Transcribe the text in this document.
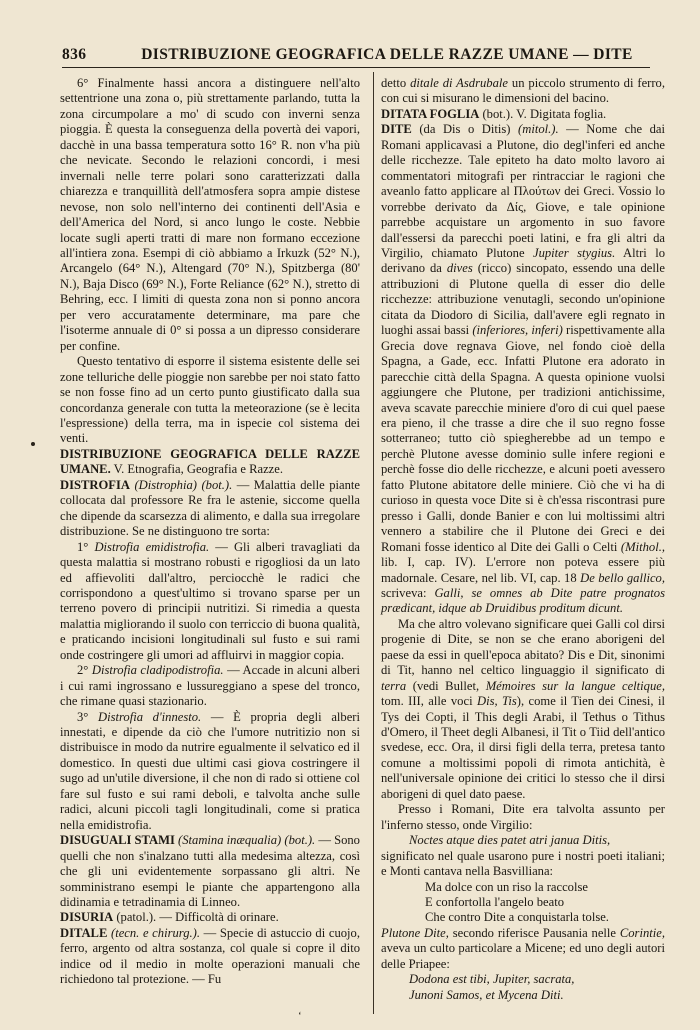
836	DISTRIBUZIONE GEOGRAFICA DELLE RAZZE UMANE — DITE

6° Finalmente hassi ancora a distinguere nell'alto settentrione una zona o, più strettamente parlando, tutta la zona circumpolare a mo' di scudo con inverni senza pioggia. È questa la conseguenza della povertà dei vapori, dacchè in una bassa temperatura sotto 16° R. non v'ha più che nevicate. Secondo le relazioni concordi, i mesi invernali nelle terre polari sono caratterizzati dalla chiarezza e tranquillità dell'atmosfera sopra ampie distese nevose, non solo nell'interno dei continenti dell'Asia e dell'America del Nord, si anco lungo le coste. Nebbie locate sugli aperti tratti di mare non formano eccezione all'intiera zona. Esempi di ciò abbiamo a Irkuzk (52° N.), Arcangelo (64° N.), Altengard (70° N.), Spitzberga (80' N.), Baja Disco (69° N.), Forte Reliance (62° N.), stretto di Behring, ecc. I limiti di questa zona non si ponno ancora per vero accuratamente determinare, ma pare che l'isoterme annuale di 0° si possa a un dipresso considerare per confine.

Questo tentativo di esporre il sistema esistente delle sei zone telluriche delle pioggie non sarebbe per noi stato fatto se non fosse fino ad un certo punto giustificato dalla sua concordanza generale con tutta la meteorazione (se è lecita l'espressione) della terra, ma in ispecie col sistema dei venti.

DISTRIBUZIONE GEOGRAFICA DELLE RAZZE UMANE. V. Etnografia, Geografia e Razze.

DISTROFIA (Distrophia) (bot.). — Malattia delle piante collocata dal professore Re fra le astenie, siccome quella che dipende da scarsezza di alimento, e dalla sua irregolare distribuzione. Se ne distinguono tre sorta:

1° Distrofia emidistrofia. — Gli alberi travagliati da questa malattia si mostrano robusti e rigogliosi da un lato ed affievoliti dall'altro, perciocchè le radici che corrispondono a quest'ultimo si trovano sparse per un terreno povero di principii nutritizi. Si rimedia a questa malattia migliorando il suolo con terriccio di buona qualità, e praticando incisioni longitudinali sul fusto e sui rami onde costringere gli umori ad affluirvi in maggior copia.

2° Distrofia cladipodistrofia. — Accade in alcuni alberi i cui rami ingrossano e lussureggiano a spese del tronco, che rimane quasi stazionario.

3° Distrofia d'innesto. — È propria degli alberi innestati, e dipende da ciò che l'umore nutritizio non si distribuisce in modo da nutrire egualmente il selvatico ed il domestico. In questi due ultimi casi giova costringere il sugo ad un'utile diversione, il che non di rado si ottiene col fare sul fusto e sui rami deboli, e talvolta anche sulle radici, alcuni piccoli tagli longitudinali, come si pratica nella emidistrofia.

DISUGUALI STAMI (Stamina inæqualia) (bot.). — Sono quelli che non s'inalzano tutti alla medesima altezza, così che gli uni evidentemente sorpassano gli altri. Ne somministrano esempi le piante che appartengono alla didinamia e tetradinamia di Linneo.

DISURIA (patol.). — Difficoltà di orinare.

DITALE (tecn. e chirurg.). — Specie di astuccio di cuojo, ferro, argento od altra sostanza, col quale si copre il dito indice od il medio in molte operazioni manuali che richiedono tal protezione. — Fu

detto ditale di Asdrubale un piccolo strumento di ferro, con cui si misurano le dimensioni del bacino.

DITATA FOGLIA (bot.). V. Digitata foglia.

DITE (da Dis o Ditis) (mitol.). — Nome che dai Romani applicavasi a Plutone, dio degl'inferi ed anche delle ricchezze. Tale epiteto ha dato molto lavoro ai commentatori mitografi per rintracciar le ragioni che aveanlo fatto applicare al Πλούτων dei Greci. Vossio lo vorrebbe derivato da Δίς, Giove, e tale opinione parrebbe acquistare un argomento in suo favore dall'essersi da parecchi poeti latini, e fra gli altri da Virgilio, chiamato Plutone Jupiter stygius. Altri lo derivano da dives (ricco) sincopato, essendo una delle attribuzioni di Plutone quella di esser dio delle ricchezze: attribuzione venutagli, secondo un'opinione citata da Diodoro di Sicilia, dall'avere egli regnato in luoghi assai bassi (inferiores, inferi) rispettivamente alla Grecia dove regnava Giove, nel fondo cioè della Spagna, a Gade, ecc. Infatti Plutone era adorato in parecchie città della Spagna. A questa opinione vuolsi aggiungere che Plutone, per tradizioni antichissime, aveva scavate parecchie miniere d'oro di cui quel paese era pieno, il che trasse a dire che il suo regno fosse sotterraneo; tutto ciò spiegherebbe ad un tempo e perchè Plutone avesse dominio sulle infere regioni e perchè fosse dio delle ricchezze, e alcuni poeti avessero fatto Plutone abitatore delle miniere. Ciò che vi ha di curioso in questa voce Dite si è ch'essa riscontrasi pure presso i Galli, donde Banier e con lui moltissimi altri vennero a stabilire che il Plutone dei Greci e dei Romani fosse identico al Dite dei Galli o Celti (Mithol., lib. I, cap. IV). L'errore non poteva essere più madornale. Cesare, nel lib. VI, cap. 18 De bello gallico, scriveva: Galli, se omnes ab Dite patre prognatos prædicant, idque ab Druidibus proditum dicunt.

Ma che altro volevano significare quei Galli col dirsi progenie di Dite, se non se che erano aborigeni del paese da essi in quell'epoca abitato? Dis e Dit, sinonimi di Tit, hanno nel celtico linguaggio il significato di terra (vedi Bullet, Mémoires sur la langue celtique, tom. III, alle voci Dis, Tis), come il Tien dei Cinesi, il Tys dei Copti, il This degli Arabi, il Tethus o Tithus d'Omero, il Theet degli Albanesi, il Tit o Tiid dell'antico svedese, ecc. Ora, il dirsi figli della terra, pretesa tanto comune a moltissimi popoli di rimota antichità, è nell'universale opinione dei critici lo stesso che il dirsi aborigeni di quel dato paese.

Presso i Romani, Dite era talvolta assunto per l'inferno stesso, onde Virgilio:

Noctes atque dies patet atri janua Ditis,

significato nel quale usarono pure i nostri poeti italiani; e Monti cantava nella Basvilliana:

Ma dolce con un riso la raccolse

E confortolla l'angelo beato

Che contro Dite a conquistarla tolse.

Plutone Dite, secondo riferisce Pausania nelle Corintie, aveva un culto particolare a Micene; ed uno degli autori delle Priapee:

Dodona est tibi, Jupiter, sacrata,

Junoni Samos, et Mycena Diti.

ʻ
